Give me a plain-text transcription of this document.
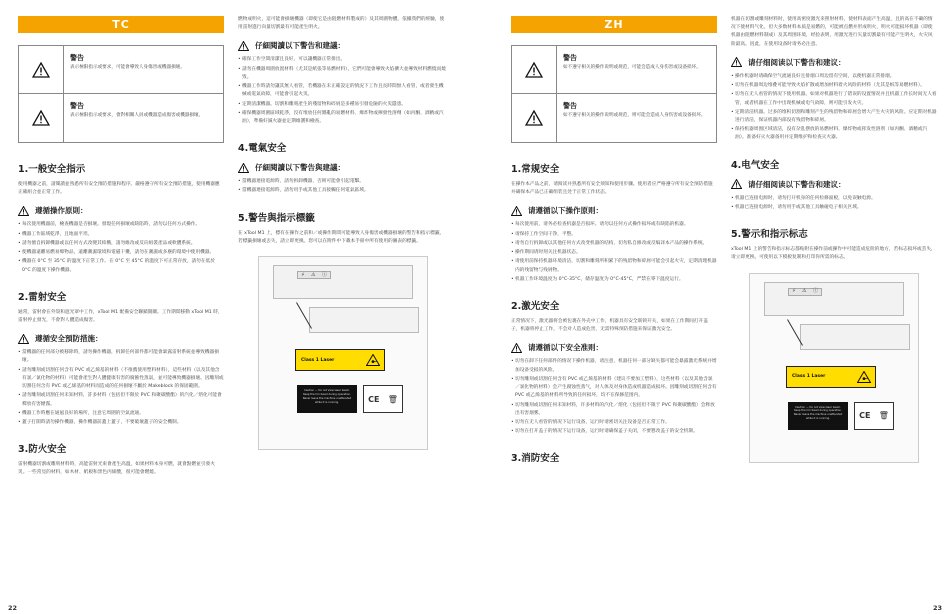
TC
警告
表示極限指示或要求，可能會導致人身傷害或機器損壞。
警告
表示極限指示或要求，會對相關人員或機器造成傷害或機器損壞。
1.一般安全指示
使用機器之前，請閱讀並熟悉所有安全預防措施和程序。嚴格遵守所有安全預防措施，使用機器應正確組合並正常工作。
遵循操作原則：
• 每次使用機器前，檢查機器是否損壞。發現任何損壞或缺陷時，請勿以任何方式操作。
• 機器工作區域乾淨，且地面平坦。
• 請勿擅自拆卸機器或以任何方式改變其結構，請勿維改或反向組裝產品或軟體系統。
• 使機器遠離易燃易爆物品，遠離潮濕環境和電磁干擾，請勿在潮濕或多塵的環境中使用機器。
• 機器在 0°C 至 35°C 的溫度下正常工作。在 0°C 至 45°C 的溫度下可正常存放，請勿在低於 0°C 的溫度下操作機器。
2.雷射安全
通常，雷射會在外殼和遮光罩中工作，xTool M1 配備安全聯鎖開關。工作期間移動 xTool M1 時，雷射停止發光，不會對人體造成傷害。
遵循安全預防措施：
• 當機器的任何部分被移除時，請勿操作機器，拆卸任何部件都可能會暴露雷射系統並導致機器損壞。
• 請勿雕刻或切割任何含有 PVC 或乙烯基的材料（不推薦使用塑料材料），這些材料（以及其他含有氯／氯化物的材料）可能會產生對人體健康有害的腐蝕性蒸氣，並可能導致機器損壞。因雕刻或切割任何含有 PVC 或乙烯基的材料而造成的任何損壞不屬於 Makeblock 的保固範圍。
• 請勿雕刻或切割任何未知材料，許多材料（包括但不限於 PVC 和聚碳酸酯）的汽化／熔化可能會釋放有害煙霧。
• 機器工作時應在通風良好的場所，注意它周圍的空氣流通。
• 蓋子打開時請勿操作機器，操作機器前蓋上蓋子，不要破壞蓋子的安全機制。
3.防火安全
雷射機器切割或雕刻材料時，高能雷射光束會產生高溫，如果材料本身可燃，就會點燃並引發火災。一些常見的材料，如木材、紙板和黑色丙烯酸，很可能會燃燒。
燃物成明火，這可能會損壞機器（即使它是由阻燃材料製成的）及其周圍物體，依據我們的經驗，使用雷射進行向量切割最有可能產生明火。
仔細閱讀以下警告和建議：
• 確保工作空間清潔且良好，可以讓機器正常排出。
• 請勿在機器周圍放置材料（尤其是紙張等易燃材料），它們可能會導致火焰擴大並導致材料燃燒而燒毀。
• 機器工作時請勿讓其無人看管，若機器在未正確設定的情況下工作且長時間無人看管，或者發生機械或電氣故障，可能會引起火災。
• 定期清潔機器。切割和雕刻產生的殘留物和碎屑是多種易引發危險的火災隱患。
• 確保機器周圍區域乾淨，沒有堆放任何雜亂的易燃材料、爆炸物或揮發性溶劑（如丙酮、酒精或汽油），準備好滅火器並定期維護和檢查。
4.電氣安全
仔細閱讀以下警告與建議：
• 當機器連接電源時，請勿拆卸機器，否則可能會引起電擊。
• 當機器連接電源時，請勿用手或其他工具接觸任何電氣區域。
5.警告與指示標籤
在 xTool M1 上，標有在操作之前和／或操作期間可能導致人身傷害或機器損壞的警告和指示標籤，若標籤損壞或丟失，請立即更換。您可以在附件中下載本手冊中所有使用的圖表的標籤。
⚡ ⚠ ⓘ
Class 1 Laser
Caution — Do not view laser beam. Keep the lid closed during operation. Never leave the machine unattended while it is running.	CE 🗑
22
ZH
警告
如不遵守相关的操作说明或规范，可能会造成人身伤害或设备损坏。
警告
如不遵守相关的操作说明或规范，则可能会造成人身伤害或设备损坏。
1.常规安全
在操作本产品之前，请阅读并熟悉所有安全须知和使用步骤。使用者应严格遵守所有安全预防措施并确保本产品已正确组装且处于正常工作状态。
请遵循以下操作原则：
• 每次使用前，请务必检查机器是否损坏。请勿以任何方式操作损坏或有缺陷的机器。
• 请保持工作空间干净，平整。
• 请勿自行拆卸或以其他任何方式改变机器的结构，切勿私自修改或反编译本产品的操作系统。
• 操作期间请时刻关注机器状态。
• 请使用前保持机器环境清洁，切割和雕刻所积累下的残留物和碎屑可能会引起火灾，定期清理机器内的残留物与残屑物。
• 机器工作环境温度为 0°C-35°C，储存温度为 0°C-45°C，严禁在零下温度运行。
2.激光安全
正常情况下，激光器将会被包裹在外壳中工作，机器具有安全联锁开关，如果在工作期间打开盖子，机器将停止工作，不会对人造成危害，无需特殊预防措施来保证激光安全。
请遵循以下安全准则：
• 切勿在卸下任何部件的情况下操作机器，请注意，机器任何一部分缺失都可能会暴露激光系统并增加设备受损的风险。
• 切勿雕刻或切割任何含有 PVC 或乙烯基的材料（建议不要加工塑料），这些材料（以及其他含氯／氯化物的材料）会产生腐蚀性蒸气，对人体及对身体造成机器造成损坏。因雕刻或切割任何含有 PVC 或乙烯基的材料所导致的任何损坏，均不在保修范围内。
• 切勿雕刻或切割任何未知材料，许多材料的汽化／熔化（包括但不限于 PVC 和聚碳酸酯）会释放出有害烟雾。
• 切勿在无人看管的情况下运行设备，运行时请密切关注设备是否正常工作。
• 切勿在打开盖子的情况下运行设备，运行时请确保盖子关闭，不要篡改盖子的安全机制。
3.消防安全
机器在切割或雕刻材料时，使用高密度激光来照射材料，使材料表面产生高温，且的高在不确的情况下使材料气化，但大多数材料本质是易燃的，可能被点燃并形成明火，明火可能损坏机器（即使机器由阻燃材料制成）及其周围环境，经验表明，用激光进行矢量切割最有可能产生明火，火灾风险最高。因此，在使用设备时请务必注意。
请仔细阅读以下警告和建议：
• 操作机器时请确保空气流通良好且排烟口周边留有空间，以便机器正常排烟。
• 切勿在机器周边堆叠可能导致火焰扩散或增加材料着火风险的材料（尤其是纸等易燃材料）。
• 切勿在无人看管的情况下使用机器。如果对机器进行了错误的设置情况并且机器工作长时间无人看管，或者机器在工作中出现机械或电气故障，则可能引发火灾。
• 定期清洁机器。过多的堆积切割和雕刻产生的残留物和碎屑会增大产生火灾的风险。应定期对机器进行清洁，保证机器内部没有残留物和碎屑。
• 保持机器周围区域清洁，没有杂乱摆放的易燃材料、爆炸物或挥发性溶剂（如丙酮、酒精或汽油）。准备好灭火器备用并定期维护和检查灭火器。
4.电气安全
请仔细阅读以下警告和建议：
• 机器已连接电源时，请勿打开机身的任何检修面板，以免误触电源。
• 机器已连接电源时，请勿用手或其他工具触碰电子相关区域。
5.警示和指示标志
xTool M1 上的警告和指示标志都贴附在操作前或操作中可能造成危险的地方，若标志损坏或丢失，请立即更换。可使用以下模板复制和打印你所需的标志。
⚡ ⚠ ⓘ
Class 1 Laser
Caution — Do not view laser beam. Keep the lid closed during operation. Never leave the machine unattended while it is running.	CE 🗑
23
